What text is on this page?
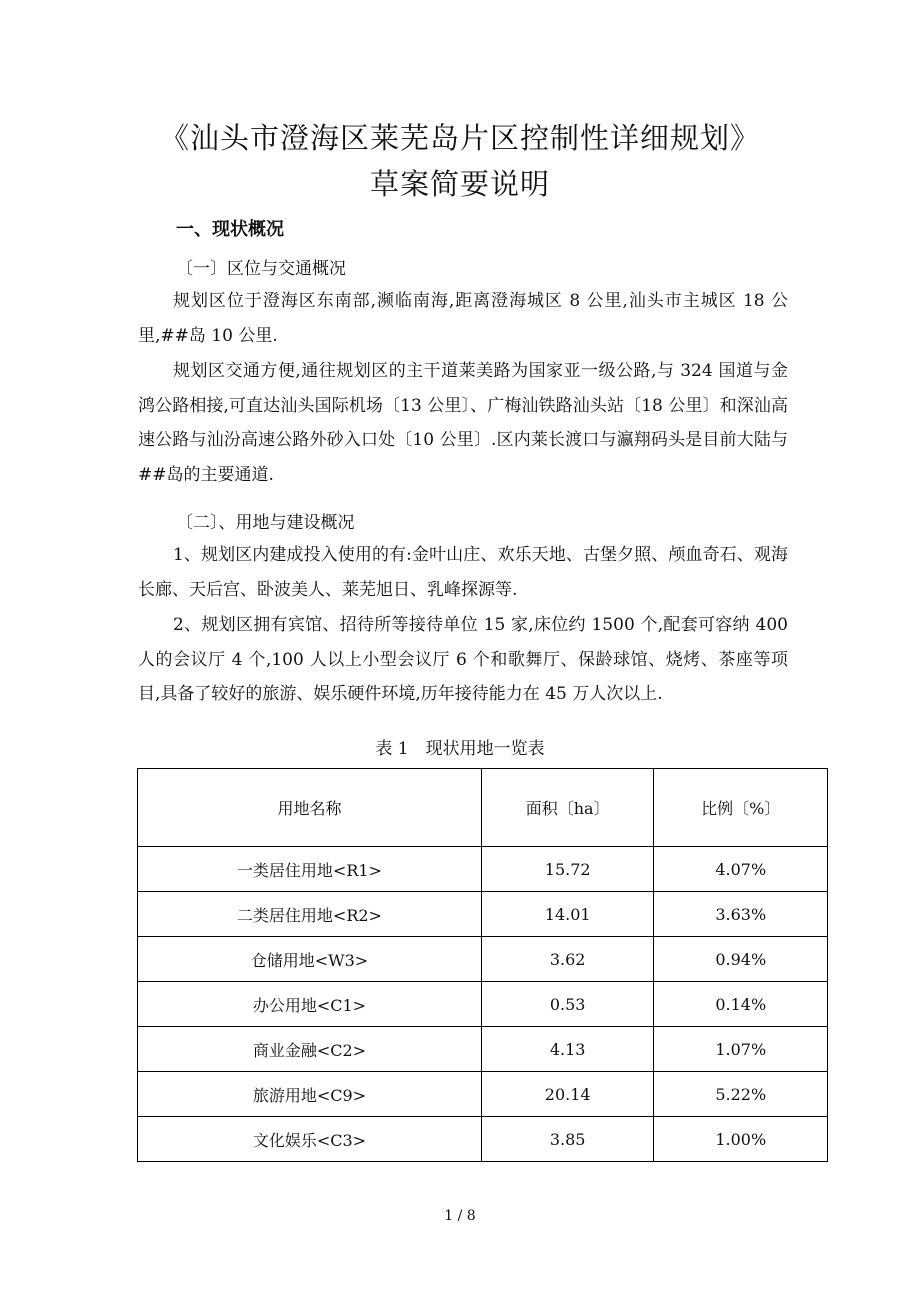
《汕头市澄海区莱芜岛片区控制性详细规划》
草案简要说明
一、现状概况
〔一〕区位与交通概况
规划区位于澄海区东南部,濒临南海,距离澄海城区 8 公里,汕头市主城区 18 公里,##岛 10 公里.
规划区交通方便,通往规划区的主干道莱美路为国家亚一级公路,与 324 国道与金鸿公路相接,可直达汕头国际机场〔13 公里〕、广梅汕铁路汕头站〔18 公里〕和深汕高速公路与汕汾高速公路外砂入口处〔10 公里〕.区内莱长渡口与瀛翔码头是目前大陆与##岛的主要通道.
〔二〕、用地与建设概况
1、规划区内建成投入使用的有:金叶山庄、欢乐天地、古堡夕照、颅血奇石、观海长廊、天后宫、卧波美人、莱芜旭日、乳峰探源等.
2、规划区拥有宾馆、招待所等接待单位 15 家,床位约 1500 个,配套可容纳 400 人的会议厅 4 个,100 人以上小型会议厅 6 个和歌舞厅、保龄球馆、烧烤、茶座等项目,具备了较好的旅游、娱乐硬件环境,历年接待能力在 45 万人次以上.
表 1　现状用地一览表
用地名称	面积〔ha〕	比例〔%〕
一类居住用地<R1>	15.72	4.07%
二类居住用地<R2>	14.01	3.63%
仓储用地<W3>	3.62	0.94%
办公用地<C1>	0.53	0.14%
商业金融<C2>	4.13	1.07%
旅游用地<C9>	20.14	5.22%
文化娱乐<C3>	3.85	1.00%
1 / 8
